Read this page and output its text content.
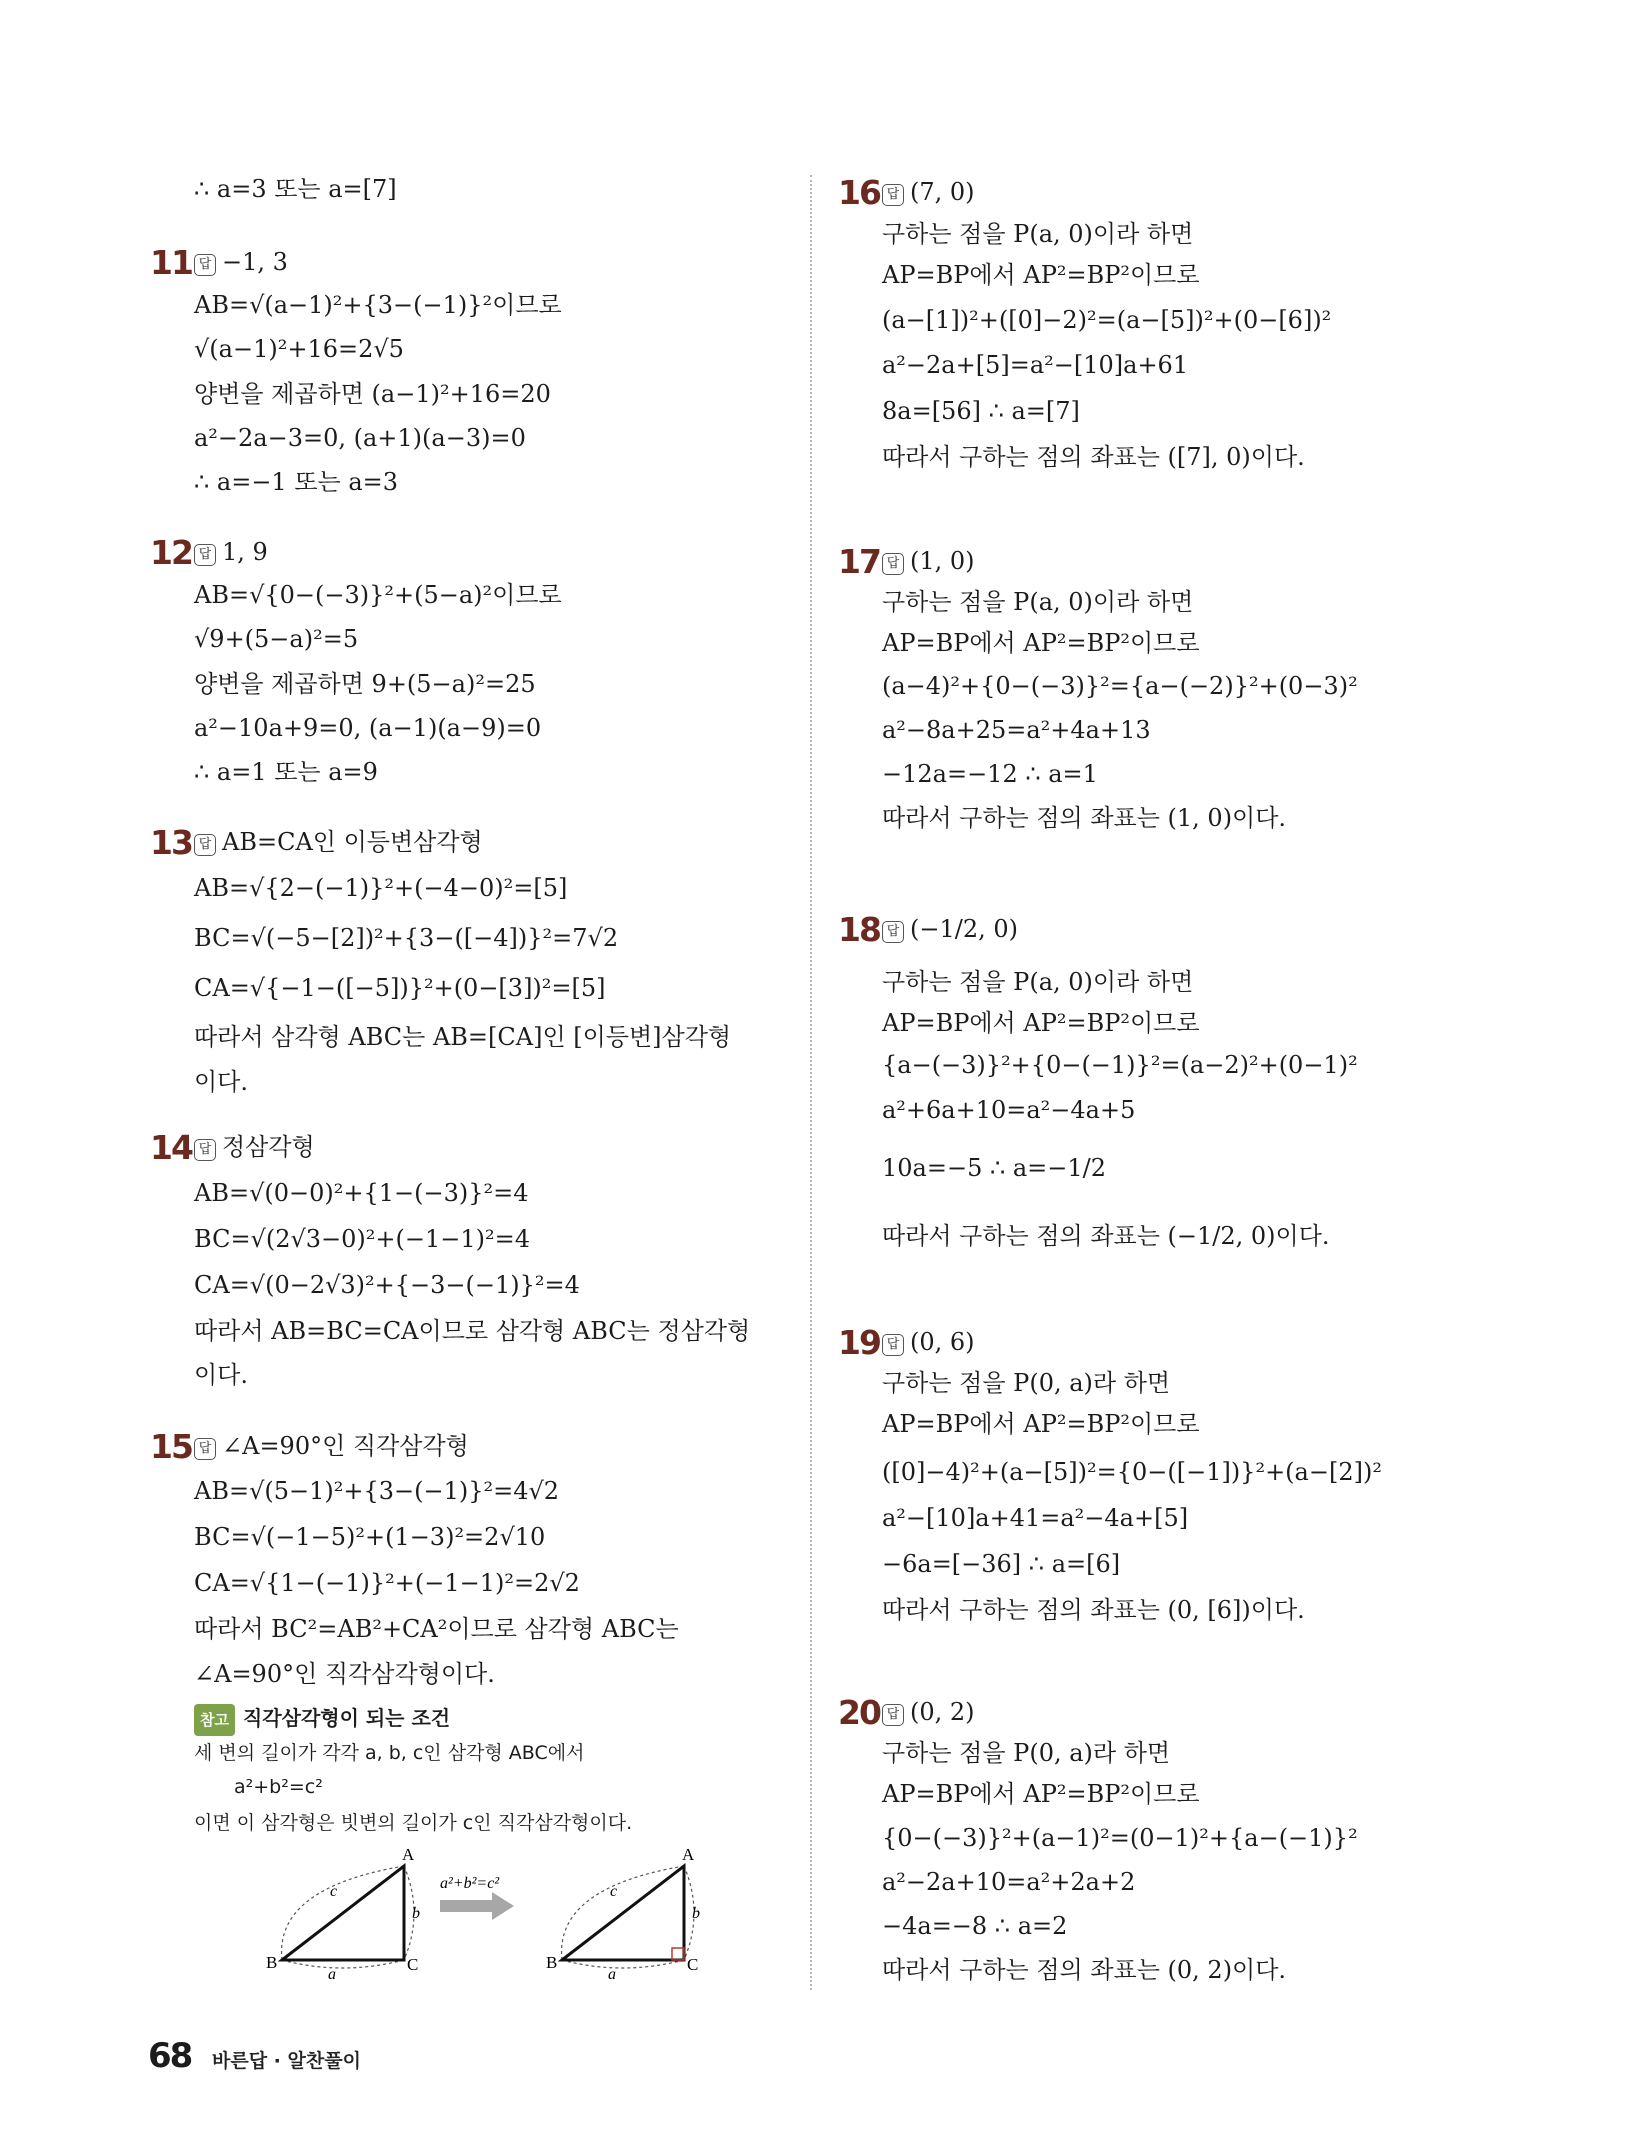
∴ a=3 또는 a=[7]
11 답 −1, 3
AB=√(a−1)²+{3−(−1)}²이므로
√(a−1)²+16=2√5
양변을 제곱하면 (a−1)²+16=20
a²−2a−3=0, (a+1)(a−3)=0
∴ a=−1 또는 a=3
12 답 1, 9
AB=√{0−(−3)}²+(5−a)²이므로
√9+(5−a)²=5
양변을 제곱하면 9+(5−a)²=25
a²−10a+9=0, (a−1)(a−9)=0
∴ a=1 또는 a=9
13 답 AB=CA인 이등변삼각형
AB=√{2−(−1)}²+(−4−0)²=[5]
BC=√(−5−[2])²+{3−([−4])}²=7√2
CA=√{−1−([−5])}²+(0−[3])²=[5]
따라서 삼각형 ABC는 AB=[CA]인 [이등변]삼각형
이다.
14 답 정삼각형
AB=√(0−0)²+{1−(−3)}²=4
BC=√(2√3−0)²+(−1−1)²=4
CA=√(0−2√3)²+{−3−(−1)}²=4
따라서 AB=BC=CA이므로 삼각형 ABC는 정삼각형
이다.
15 답 ∠A=90°인 직각삼각형
AB=√(5−1)²+{3−(−1)}²=4√2
BC=√(−1−5)²+(1−3)²=2√10
CA=√{1−(−1)}²+(−1−1)²=2√2
따라서 BC²=AB²+CA²이므로 삼각형 ABC는
∠A=90°인 직각삼각형이다.
참고 직각삼각형이 되는 조건
세 변의 길이가 각각 a, b, c인 삼각형 ABC에서
a²+b²=c²
이면 이 삼각형은 빗변의 길이가 c인 직각삼각형이다.
A
B	C
a
b
c	a²+b²=c²
A
B	C
a
b
c
16 답 (7, 0)
구하는 점을 P(a, 0)이라 하면
AP=BP에서 AP²=BP²이므로
(a−[1])²+([0]−2)²=(a−[5])²+(0−[6])²
a²−2a+[5]=a²−[10]a+61
8a=[56] ∴ a=[7]
따라서 구하는 점의 좌표는 ([7], 0)이다.
17 답 (1, 0)
구하는 점을 P(a, 0)이라 하면
AP=BP에서 AP²=BP²이므로
(a−4)²+{0−(−3)}²={a−(−2)}²+(0−3)²
a²−8a+25=a²+4a+13
−12a=−12 ∴ a=1
따라서 구하는 점의 좌표는 (1, 0)이다.
18 답 (−1/2, 0)
구하는 점을 P(a, 0)이라 하면
AP=BP에서 AP²=BP²이므로
{a−(−3)}²+{0−(−1)}²=(a−2)²+(0−1)²
a²+6a+10=a²−4a+5
10a=−5 ∴ a=−1/2
따라서 구하는 점의 좌표는 (−1/2, 0)이다.
19 답 (0, 6)
구하는 점을 P(0, a)라 하면
AP=BP에서 AP²=BP²이므로
([0]−4)²+(a−[5])²={0−([−1])}²+(a−[2])²
a²−[10]a+41=a²−4a+[5]
−6a=[−36] ∴ a=[6]
따라서 구하는 점의 좌표는 (0, [6])이다.
20 답 (0, 2)
구하는 점을 P(0, a)라 하면
AP=BP에서 AP²=BP²이므로
{0−(−3)}²+(a−1)²=(0−1)²+{a−(−1)}²
a²−2a+10=a²+2a+2
−4a=−8 ∴ a=2
따라서 구하는 점의 좌표는 (0, 2)이다.
68 바른답 · 알찬풀이
